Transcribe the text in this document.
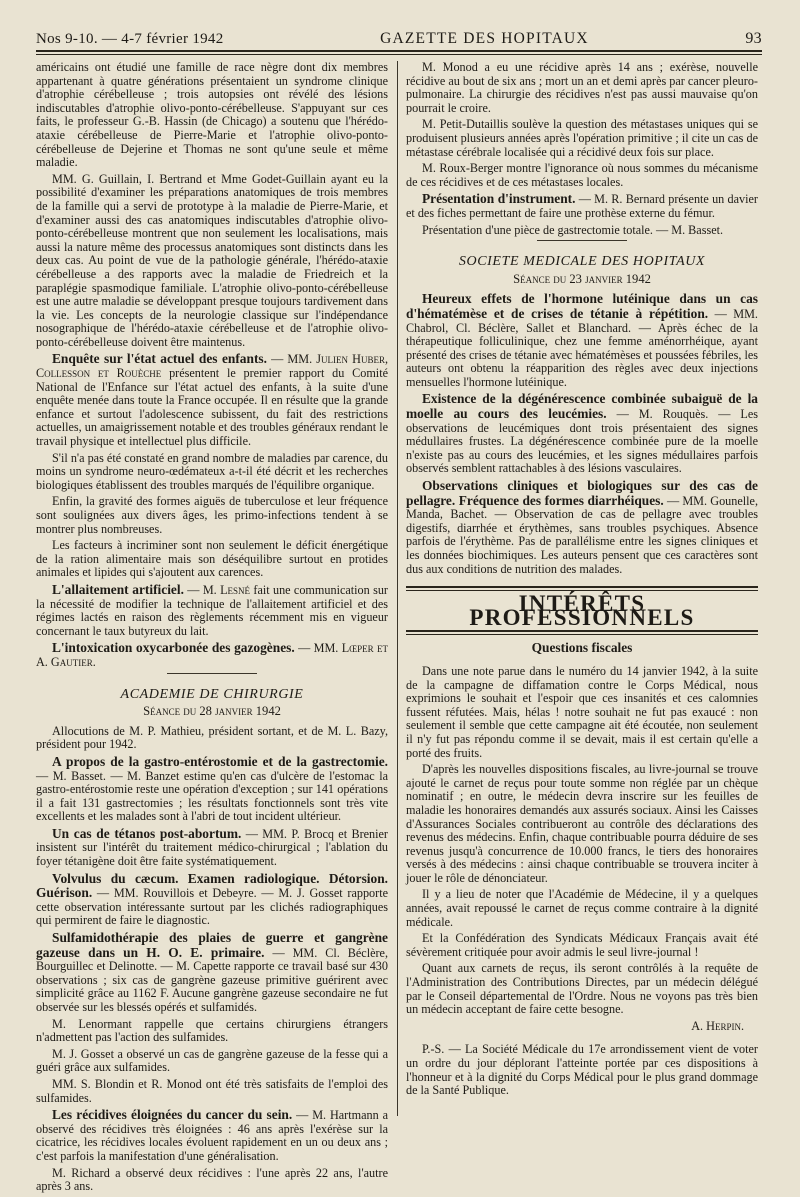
Nos 9-10. — 4-7 février 1942	GAZETTE DES HOPITAUX	93

américains ont étudié une famille de race nègre dont dix membres appartenant à quatre générations présentaient un syndrome clinique d'atrophie cérébelleuse ; trois autopsies ont révélé des lésions indiscutables d'atrophie olivo-ponto-cérébelleuse. S'appuyant sur ces faits, le professeur G.-B. Hassin (de Chicago) a soutenu que l'hérédo-ataxie cérébelleuse de Pierre-Marie et l'atrophie olivo-ponto-cérébelleuse de Dejerine et Thomas ne sont qu'une seule et même maladie.

MM. G. Guillain, I. Bertrand et Mme Godet-Guillain ayant eu la possibilité d'examiner les préparations anatomiques de trois membres de la famille qui a servi de prototype à la maladie de Pierre-Marie, et d'examiner aussi des cas anatomiques indiscutables d'atrophie olivo-ponto-cérébelleuse montrent que non seulement les localisations, mais aussi la nature même des processus anatomiques sont distincts dans les deux cas. Au point de vue de la pathologie générale, l'hérédo-ataxie cérébelleuse a des rapports avec la maladie de Friedreich et la paraplégie spasmodique familiale. L'atrophie olivo-ponto-cérébelleuse est une autre maladie se développant presque toujours tardivement dans la vie. Les concepts de la neurologie classique sur l'indépendance nosographique de l'hérédo-ataxie cérébelleuse et de l'atrophie olivo-ponto-cérébelleuse doivent être maintenus.

Enquête sur l'état actuel des enfants. — MM. Julien Huber, Collesson et Rouèche présentent le premier rapport du Comité National de l'Enfance sur l'état actuel des enfants, à la suite d'une enquête menée dans toute la France occupée. Il en résulte que la grande enfance et surtout l'adolescence subissent, du fait des restrictions actuelles, un amaigrissement notable et des troubles généraux rendant le travail physique et intellectuel plus difficile.

S'il n'a pas été constaté en grand nombre de maladies par carence, du moins un syndrome neuro-œdémateux a-t-il été décrit et les recherches biologiques établissent des troubles marqués de l'équilibre organique.

Enfin, la gravité des formes aiguës de tuberculose et leur fréquence sont soulignées aux divers âges, les primo-infections tendent à se montrer plus nombreuses.

Les facteurs à incriminer sont non seulement le déficit énergétique de la ration alimentaire mais son déséquilibre surtout en protides animales et lipides qui s'ajoutent aux carences.

L'allaitement artificiel. — M. Lesné fait une communication sur la nécessité de modifier la technique de l'allaitement artificiel et des régimes lactés en raison des règlements récemment mis en vigueur concernant le taux butyreux du lait.

L'intoxication oxycarbonée des gazogènes. — MM. Lœper et A. Gautier.

ACADEMIE DE CHIRURGIE
Séance du 28 janvier 1942

Allocutions de M. P. Mathieu, président sortant, et de M. L. Bazy, président pour 1942.

A propos de la gastro-entérostomie et de la gastrectomie. — M. Basset. — M. Banzet estime qu'en cas d'ulcère de l'estomac la gastro-entérostomie reste une opération d'exception ; sur 141 opérations il a fait 131 gastrectomies ; les résultats fonctionnels sont très vite excellents et les malades sont à l'abri de tout incident ultérieur.

Un cas de tétanos post-abortum. — MM. P. Brocq et Brenier insistent sur l'intérêt du traitement médico-chirurgical ; l'ablation du foyer tétanigène doit être faite systématiquement.

Volvulus du cæcum. Examen radiologique. Détorsion. Guérison. — MM. Rouvillois et Debeyre. — M. J. Gosset rapporte cette observation intéressante surtout par les clichés radiographiques qui permirent de faire le diagnostic.

Sulfamidothérapie des plaies de guerre et gangrène gazeuse dans un H. O. E. primaire. — MM. Cl. Béclère, Bourguillec et Delinotte. — M. Capette rapporte ce travail basé sur 430 observations ; six cas de gangrène gazeuse primitive guérirent avec simplicité grâce au 1162 F. Aucune gangrène gazeuse secondaire ne fut observée sur les blessés opérés et sulfamidés.

M. Lenormant rappelle que certains chirurgiens étrangers n'admettent pas l'action des sulfamides.

M. J. Gosset a observé un cas de gangrène gazeuse de la fesse qui a guéri grâce aux sulfamides.

MM. S. Blondin et R. Monod ont été très satisfaits de l'emploi des sulfamides.

Les récidives éloignées du cancer du sein. — M. Hartmann a observé des récidives très éloignées : 46 ans après l'exérèse sur la cicatrice, les récidives locales évoluent rapidement en un ou deux ans ; c'est parfois la manifestation d'une généralisation.

M. Richard a observé deux récidives : l'une après 22 ans, l'autre après 3 ans.

M. Monod a eu une récidive après 14 ans ; exérèse, nouvelle récidive au bout de six ans ; mort un an et demi après par cancer pleuro-pulmonaire. La chirurgie des récidives n'est pas aussi mauvaise qu'on pourrait le croire.

M. Petit-Dutaillis soulève la question des métastases uniques qui se produisent plusieurs années après l'opération primitive ; il cite un cas de métastase cérébrale localisée qui a récidivé deux fois sur place.

M. Roux-Berger montre l'ignorance où nous sommes du mécanisme de ces récidives et de ces métastases locales.

Présentation d'instrument. — M. R. Bernard présente un davier et des fiches permettant de faire une prothèse externe du fémur.

Présentation d'une pièce de gastrectomie totale. — M. Basset.

SOCIETE MEDICALE DES HOPITAUX
Séance du 23 janvier 1942

Heureux effets de l'hormone lutéinique dans un cas d'hématémèse et de crises de tétanie à répétition. — MM. Chabrol, Cl. Béclère, Sallet et Blanchard. — Après échec de la thérapeutique folliculinique, chez une femme aménorrhéique, ayant présenté des crises de tétanie avec hématémèses et poussées fébriles, les auteurs ont obtenu la réapparition des règles avec deux injections mensuelles l'hormone lutéinique.

Existence de la dégénérescence combinée subaiguë de la moelle au cours des leucémies. — M. Rouquès. — Les observations de leucémiques dont trois présentaient des signes médullaires frustes. La dégénérescence combinée pure de la moelle n'existe pas au cours des leucémies, et les signes médullaires parfois observés semblent rattachables à des lésions vasculaires.

Observations cliniques et biologiques sur des cas de pellagre. Fréquence des formes diarrhéiques. — MM. Gounelle, Manda, Bachet. — Observation de cas de pellagre avec troubles digestifs, diarrhée et érythèmes, sans troubles psychiques. Absence parfois de l'érythème. Pas de parallélisme entre les signes cliniques et les données biochimiques. Les auteurs pensent que ces caractères sont dus aux conditions de nutrition des malades.

INTÉRÊTS PROFESSIONNELS
Questions fiscales

Dans une note parue dans le numéro du 14 janvier 1942, à la suite de la campagne de diffamation contre le Corps Médical, nous exprimions le souhait et l'espoir que ces insanités et ces calomnies fussent réfutées. Mais, hélas ! notre souhait ne fut pas exaucé : non seulement il semble que cette campagne ait été écoutée, non seulement il n'y fut pas répondu comme il se devait, mais il est certain qu'elle a porté des fruits.

D'après les nouvelles dispositions fiscales, au livre-journal se trouve ajouté le carnet de reçus pour toute somme non réglée par un chèque nominatif ; en outre, le médecin devra inscrire sur les feuilles de maladie les honoraires demandés aux assurés sociaux. Ainsi les Caisses d'Assurances Sociales contribueront au contrôle des déclarations des revenus des médecins. Enfin, chaque contribuable pourra déduire de ses revenus jusqu'à concurrence de 10.000 francs, le tiers des honoraires versés à des médecins : ainsi chaque contribuable se trouvera inciter à jouer le rôle de dénonciateur.

Il y a lieu de noter que l'Académie de Médecine, il y a quelques années, avait repoussé le carnet de reçus comme contraire à la dignité médicale.

Et la Confédération des Syndicats Médicaux Français avait été sévèrement critiquée pour avoir admis le seul livre-journal !

Quant aux carnets de reçus, ils seront contrôlés à la requête de l'Administration des Contributions Directes, par un médecin délégué par le Conseil départemental de l'Ordre. Nous ne voyons pas très bien un médecin acceptant de faire cette besogne.

A. Herpin.

P.-S. — La Société Médicale du 17e arrondissement vient de voter un ordre du jour déplorant l'atteinte portée par ces dispositions à l'honneur et à la dignité du Corps Médical pour le plus grand dommage de la Santé Publique.
